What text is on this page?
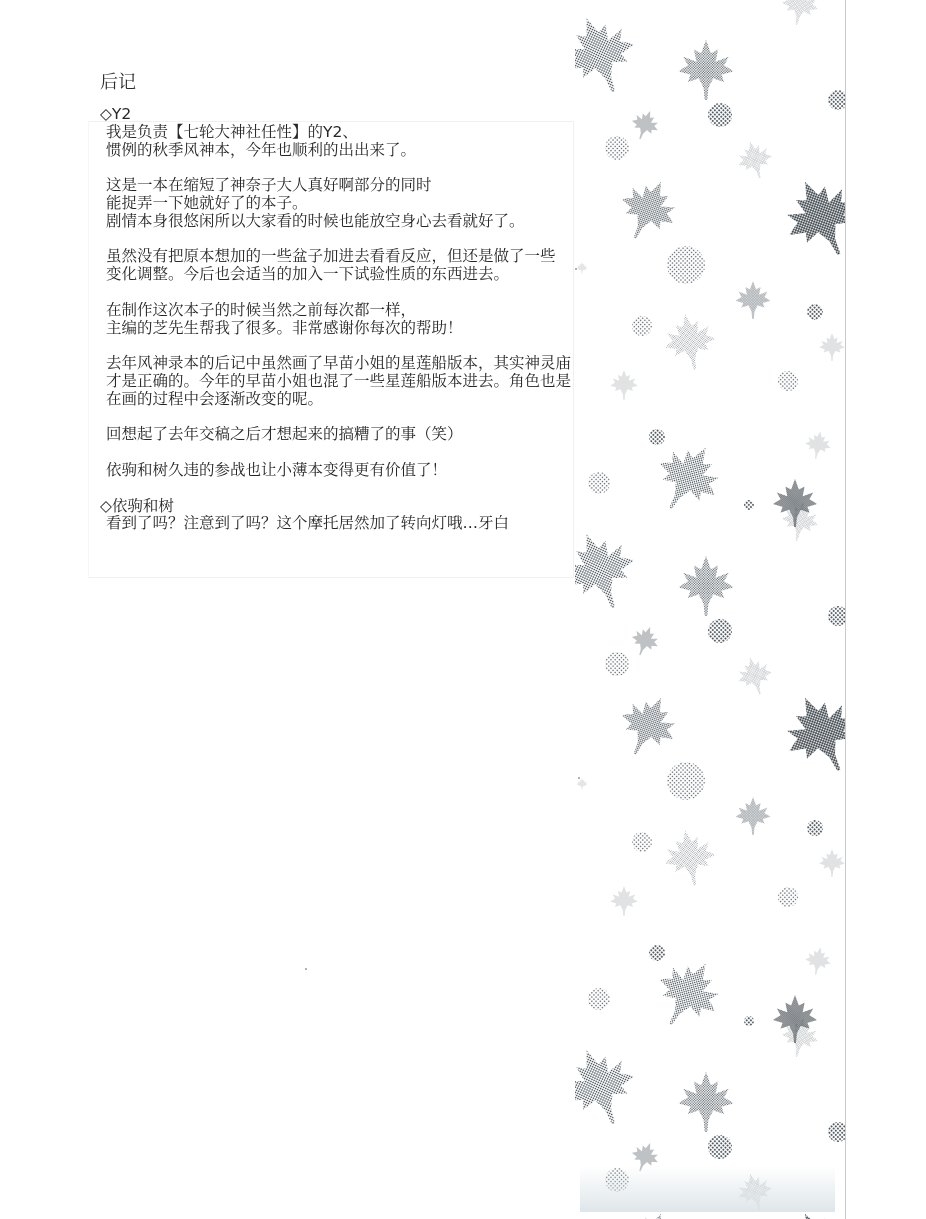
后记
◇Y2
我是负责【七轮大神社任性】的Y2、
惯例的秋季风神本，今年也顺利的出出来了。
这是一本在缩短了神奈子大人真好啊部分的同时
能捉弄一下她就好了的本子。
剧情本身很悠闲所以大家看的时候也能放空身心去看就好了。
虽然没有把原本想加的一些盆子加进去看看反应，但还是做了一些
变化调整。今后也会适当的加入一下试验性质的东西进去。
在制作这次本子的时候当然之前每次都一样，
主编的芝先生帮我了很多。非常感谢你每次的帮助！
去年风神录本的后记中虽然画了早苗小姐的星莲船版本，其实神灵庙
才是正确的。今年的早苗小姐也混了一些星莲船版本进去。角色也是
在画的过程中会逐渐改变的呢。
回想起了去年交稿之后才想起来的搞糟了的事（笑）
依驹和树久违的参战也让小薄本变得更有价值了！
◇依驹和树
看到了吗？注意到了吗？这个摩托居然加了转向灯哦…牙白
